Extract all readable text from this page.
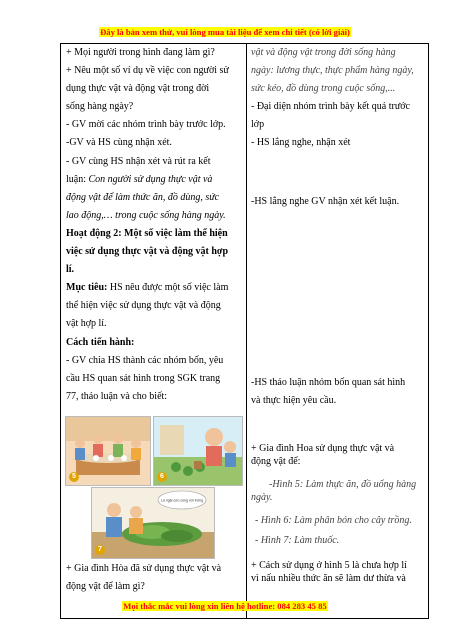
Đây là bản xem thử, vui lòng mua tài liệu để xem chi tiết (có lời giải)

+ Mọi người trong hình đang làm gì?

+ Nêu một số ví dụ về việc con người sử

dụng thực vật và động vật trong đời

sống hàng ngày?

- GV mời các nhóm trình bày trước lớp.

-GV và HS cùng nhận xét.

- GV cùng HS nhận xét và rút ra kết

luận: Con người sử dụng thực vật và

động vật để làm thức ăn, đồ dùng, sức

lao động,… trong cuộc sống hàng ngày.

Hoạt động 2: Một số việc làm thể hiện

việc sử dụng thực vật và động vật hợp

lí.

Mục tiêu: HS nêu được một số việc làm

thể hiện việc sử dụng thực vật và động

vật hợp lí.

Cách tiến hành:

- GV chia HS thành các nhóm bốn, yêu

cầu HS quan sát hình trong SGK trang

77, thảo luận và cho biết:

5	6
Lá ngải cứu cùng với trứng
7

+ Gia đình Hòa đã sử dụng thực vật và

động vật để làm gì?

vật và động vật trong đời sống hàng

ngày: lương thực, thực phẩm hàng ngày,

sức kéo, đồ dùng trong cuộc sống,...

- Đại diện nhóm trình bày kết quả trước

lớp

- HS lắng nghe, nhận xét

-HS lắng nghe GV nhận xét kết luận.

-HS thảo luận nhóm bốn quan sát hình

và thực hiện yêu cầu.

+ Gia đình Hoa sử dụng thực vật và

động vật để:

-Hình 5: Làm thực ăn, đồ uống hàng

ngày.

- Hình 6: Làm phân bón cho cây trồng.

- Hình 7: Làm thuốc.

+ Cách sử dụng ở hình 5 là chưa hợp lí

vì nấu nhiều thức ăn sẽ làm dư thừa và

Mọi thắc mắc vui lòng xin liên hệ hotline: 084 283 45 85
